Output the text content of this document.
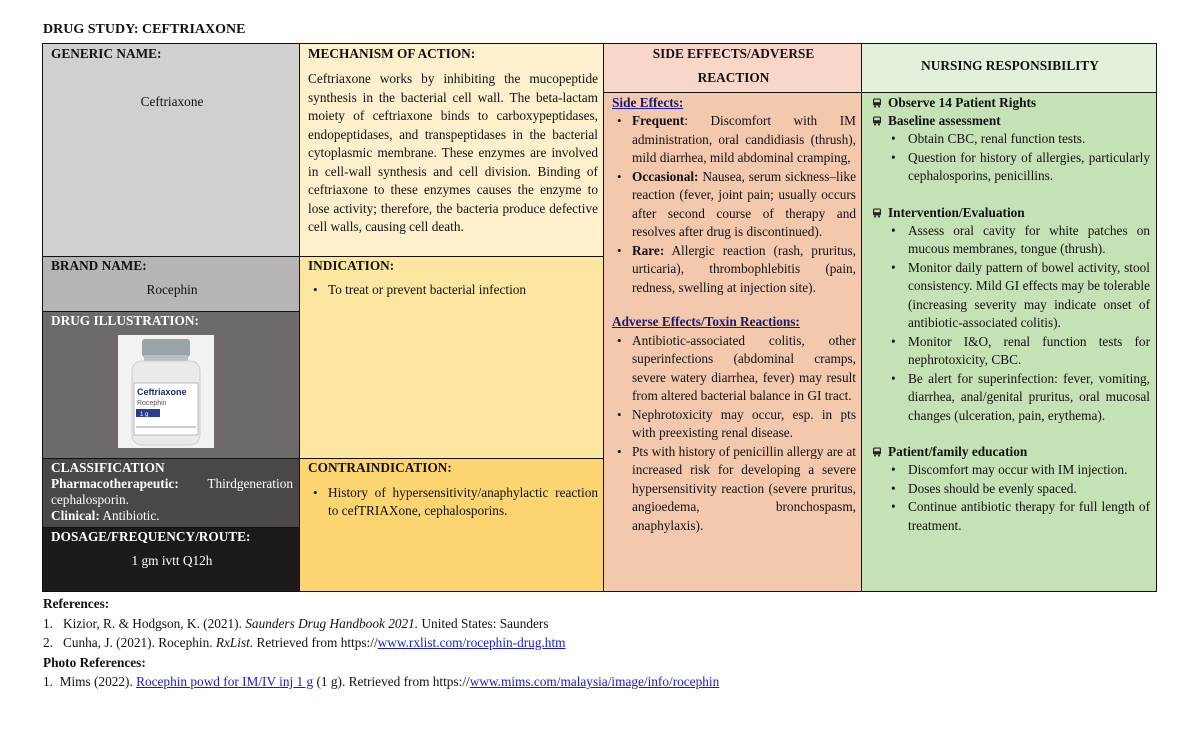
DRUG STUDY: CEFTRIAXONE
GENERIC NAME:
Ceftriaxone
BRAND NAME:
Rocephin
DRUG ILLUSTRATION:
Ceftriaxone
Rocephin
1 g
CLASSIFICATION
Pharmacotherapeutic: Thirdgeneration cephalosporin.
Clinical: Antibiotic.
DOSAGE/FREQUENCY/ROUTE:
1 gm ivtt Q12h
MECHANISM OF ACTION:
Ceftriaxone works by inhibiting the mucopeptide synthesis in the bacterial cell wall. The beta-lactam moiety of ceftriaxone binds to carboxypeptidases, endopeptidases, and transpeptidases in the bacterial cytoplasmic membrane. These enzymes are involved in cell-wall synthesis and cell division. Binding of ceftriaxone to these enzymes causes the enzyme to lose activity; therefore, the bacteria produce defective cell walls, causing cell death.
INDICATION:
• To treat or prevent bacterial infection
CONTRAINDICATION:
• History of hypersensitivity/anaphylactic reaction to cefTRIAXone, cephalosporins.
SIDE EFFECTS/ADVERSE
REACTION
Side Effects:
• Frequent: Discomfort with IM administration, oral candidiasis (thrush), mild diarrhea, mild abdominal cramping,
• Occasional: Nausea, serum sickness–like reaction (fever, joint pain; usually occurs after second course of therapy and resolves after drug is discontinued).
• Rare: Allergic reaction (rash, pruritus, urticaria), thrombophlebitis (pain, redness, swelling at injection site).
Adverse Effects/Toxin Reactions:
• Antibiotic-associated colitis, other superinfections (abdominal cramps, severe watery diarrhea, fever) may result from altered bacterial balance in GI tract.
• Nephrotoxicity may occur, esp. in pts with preexisting renal disease.
• Pts with history of penicillin allergy are at increased risk for developing a severe hypersensitivity reaction (severe pruritus, angioedema, bronchospasm, anaphylaxis).
NURSING RESPONSIBILITY
Observe 14 Patient Rights
Baseline assessment
• Obtain CBC, renal function tests.
• Question for history of allergies, particularly cephalosporins, penicillins.
Intervention/Evaluation
• Assess oral cavity for white patches on mucous membranes, tongue (thrush).
• Monitor daily pattern of bowel activity, stool consistency. Mild GI effects may be tolerable (increasing severity may indicate onset of antibiotic-associated colitis).
• Monitor I&O, renal function tests for nephrotoxicity, CBC.
• Be alert for superinfection: fever, vomiting, diarrhea, anal/genital pruritus, oral mucosal changes (ulceration, pain, erythema).
Patient/family education
• Discomfort may occur with IM injection.
• Doses should be evenly spaced.
• Continue antibiotic therapy for full length of treatment.
References:
1. Kizior, R. & Hodgson, K. (2021). Saunders Drug Handbook 2021. United States: Saunders
2. Cunha, J. (2021). Rocephin. RxList. Retrieved from https://www.rxlist.com/rocephin-drug.htm
Photo References:
1. Mims (2022). Rocephin powd for IM/IV inj 1 g (1 g). Retrieved from https://www.mims.com/malaysia/image/info/rocephin
